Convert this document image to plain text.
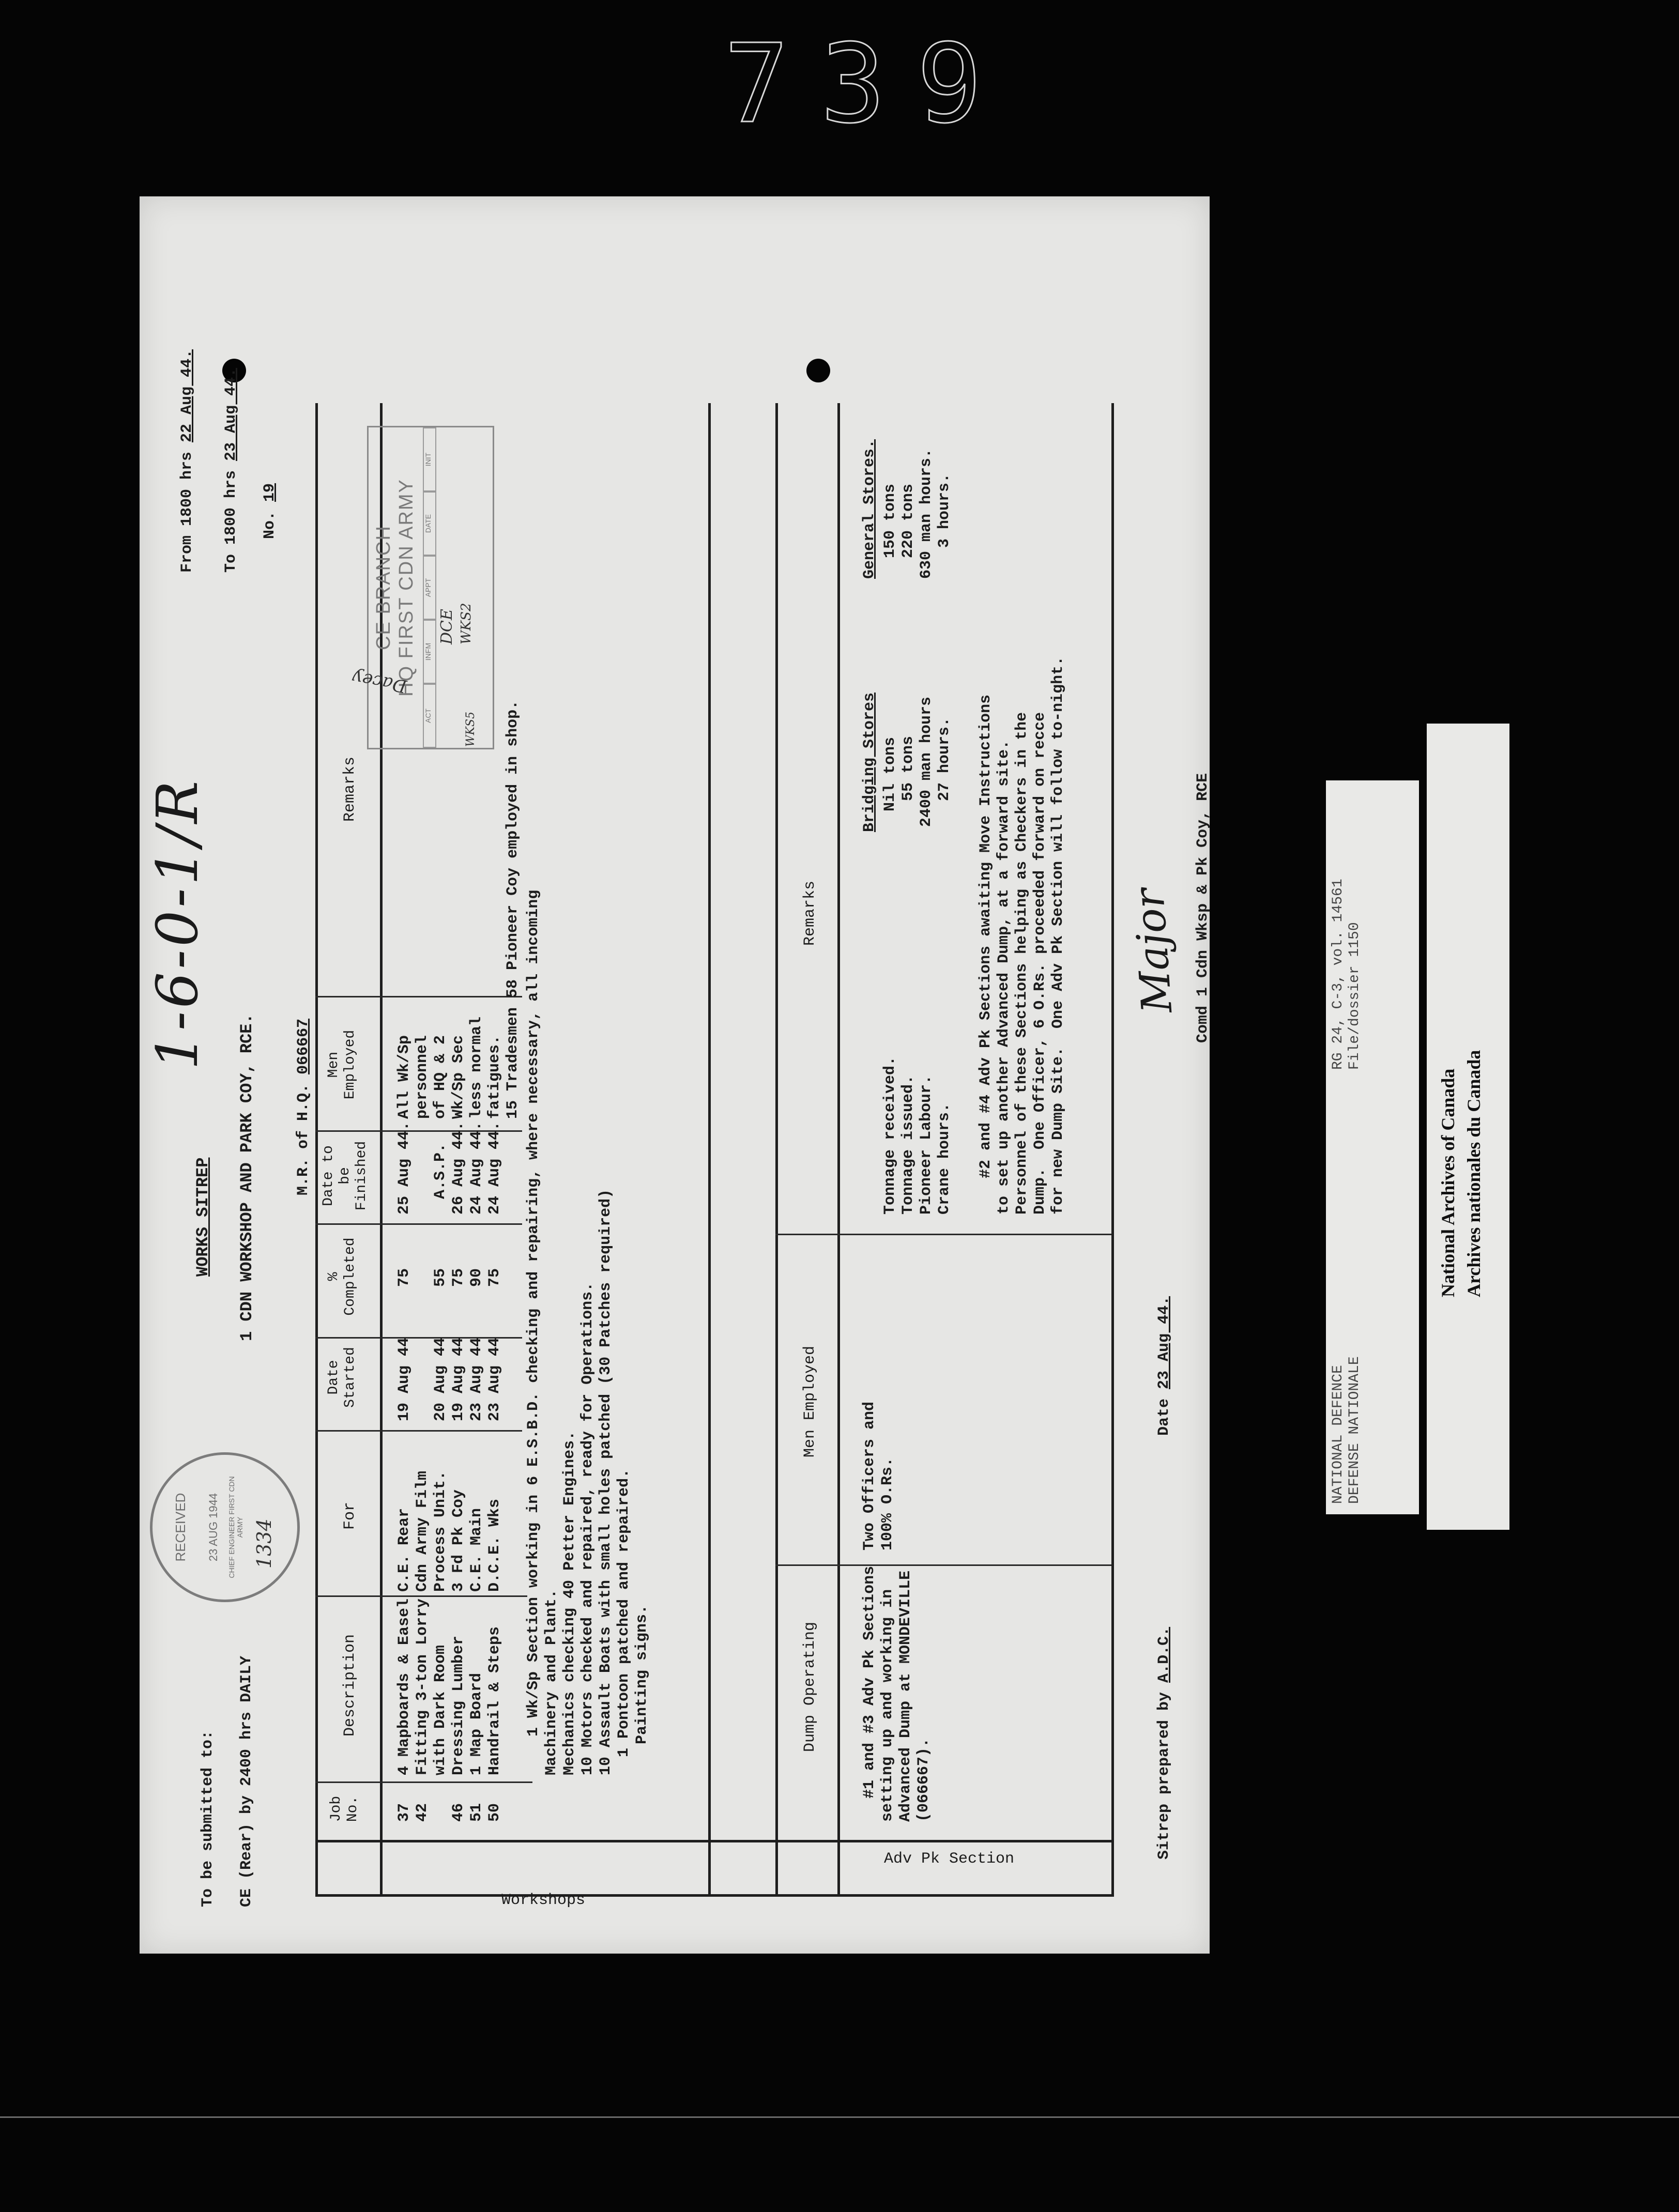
739
To be submitted to: CE (Rear) by 2400 hrs DAILY
WORKS SITREP 1 CDN WORKSHOP AND PARK COY, RCE.	M.R. of H.Q. 066667

From 1800 hrs 22 Aug 44.

To 1800 hrs 23 Aug 44.

No. 19

1-6-0-1/R
Workshops
Adv Pk Section
Job No.
Description
For
Date Started
% Completed
Date to be Finished
Men Employed
Remarks
37
4 Mapboards & Easel
C.E. Rear
19 Aug 44
75
25 Aug 44.
42
Fitting 3-ton Lorry
Cdn Army Film
with Dark Room
Process Unit.
20 Aug 44
55
A.S.P.
46
Dressing Lumber
3 Fd Pk Coy
19 Aug 44
75
26 Aug 44.
51
1 Map Board
C.E. Main
23 Aug 44
90
24 Aug 44.
50
Handrail & Steps
D.C.E. Wks
23 Aug 44
75
24 Aug 44.
All Wk/Sp personnel of HQ & 2 Wk/Sp Sec less normal fatigues. 15 Tradesmen 58 Pioneer Coy employed in shop. 1 Wk/Sp Section working in 6 E.S.B.D. checking and repairing, where necessary, all incoming Machinery and Plant. Mechanics checking 40 Petter Engines. 10 Motors checked and repaired, ready for Operations. 10 Assault Boats with small holes patched (30 Patches required) 1 Pontoon patched and repaired. Painting signs.	Dump Operating
Men Employed
Remarks
#1 and #3 Adv Pk Sections setting up and working in Advanced Dump at MONDEVILLE (066667).
Two Officers and 100% O.Rs.
Bridging Stores
General Stores.
Tonnage received.
Nil tons
150 tons
Tonnage issued.
55 tons
220 tons
Pioneer Labour.
2400 man hours
630 man hours.
Crane hours.
27 hours.
3 hours.
#2 and #4 Adv Pk Sections awaiting Move Instructions to set up another Advanced Dump, at a forward site. Personnel of these Sections helping as Checkers in the Dump.  One Officer, 6 O.Rs. proceeded forward on recce for new Dump Site.  One Adv Pk Section will follow to-night.

Sitrep prepared by A.D.C.

Date 23 Aug 44.

Comd 1 Cdn Wksp & Pk Coy, RCE

Major
CE BRANCH HQ FIRST CDN ARMY
ACT
INFM
APPT
DATE
INIT
DCE WKS2
WKS5
Dacey
RECEIVED 23 AUG 1944 CHIEF ENGINEER FIRST CDN ARMY 1334
NATIONAL DEFENCE DEFENSE NATIONALE
RG 24, C-3, vol. 14561 File/dossier 1150
National Archives of Canada Archives nationales du Canada
